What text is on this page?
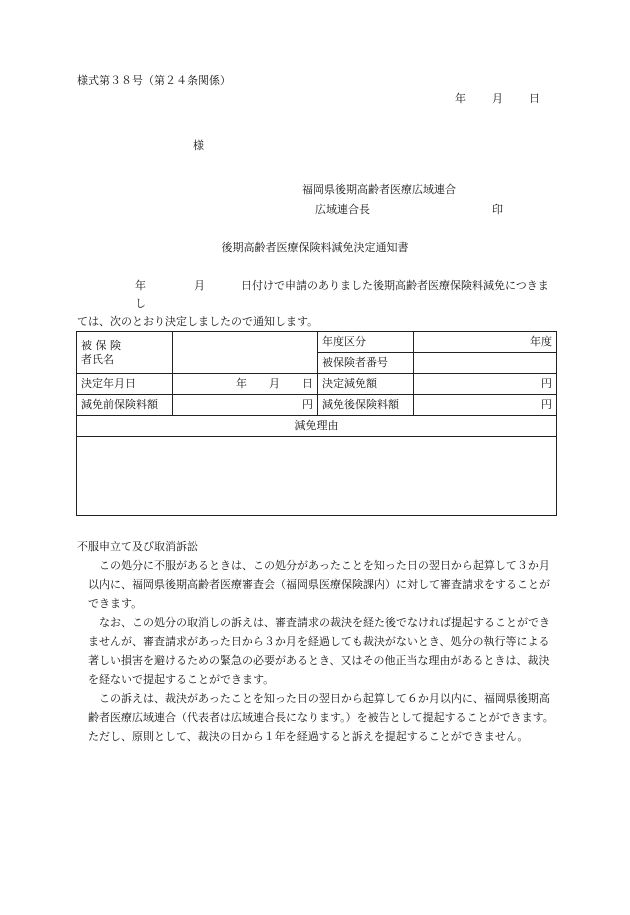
様式第３８号（第２４条関係）
年 月 日
様
福岡県後期高齢者医療広域連合
広域連合長	印
後期高齢者医療保険料減免決定通知書
年	月	日付けで申請のありました後期高齢者医療保険料減免につきまし
ては、次のとおり決定しましたので通知します。
被 保 険
者氏名		年度区分	年度
		被保険者番号	
決定年月日	年　　月　　日	決定減免額	円
減免前保険料額	円	減免後保険料額	円
減免理由			

不服申立て及び取消訴訟

この処分に不服があるときは、この処分があったことを知った日の翌日から起算して３か月以内に、福岡県後期高齢者医療審査会（福岡県医療保険課内）に対して審査請求をすることができます。

なお、この処分の取消しの訴えは、審査請求の裁決を経た後でなければ提起することができませんが、審査請求があった日から３か月を経過しても裁決がないとき、処分の執行等による著しい損害を避けるための緊急の必要があるとき、又はその他正当な理由があるときは、裁決を経ないで提起することができます。

この訴えは、裁決があったことを知った日の翌日から起算して６か月以内に、福岡県後期高齢者医療広域連合（代表者は広域連合長になります。）を被告として提起することができます。ただし、原則として、裁決の日から１年を経過すると訴えを提起することができません。
